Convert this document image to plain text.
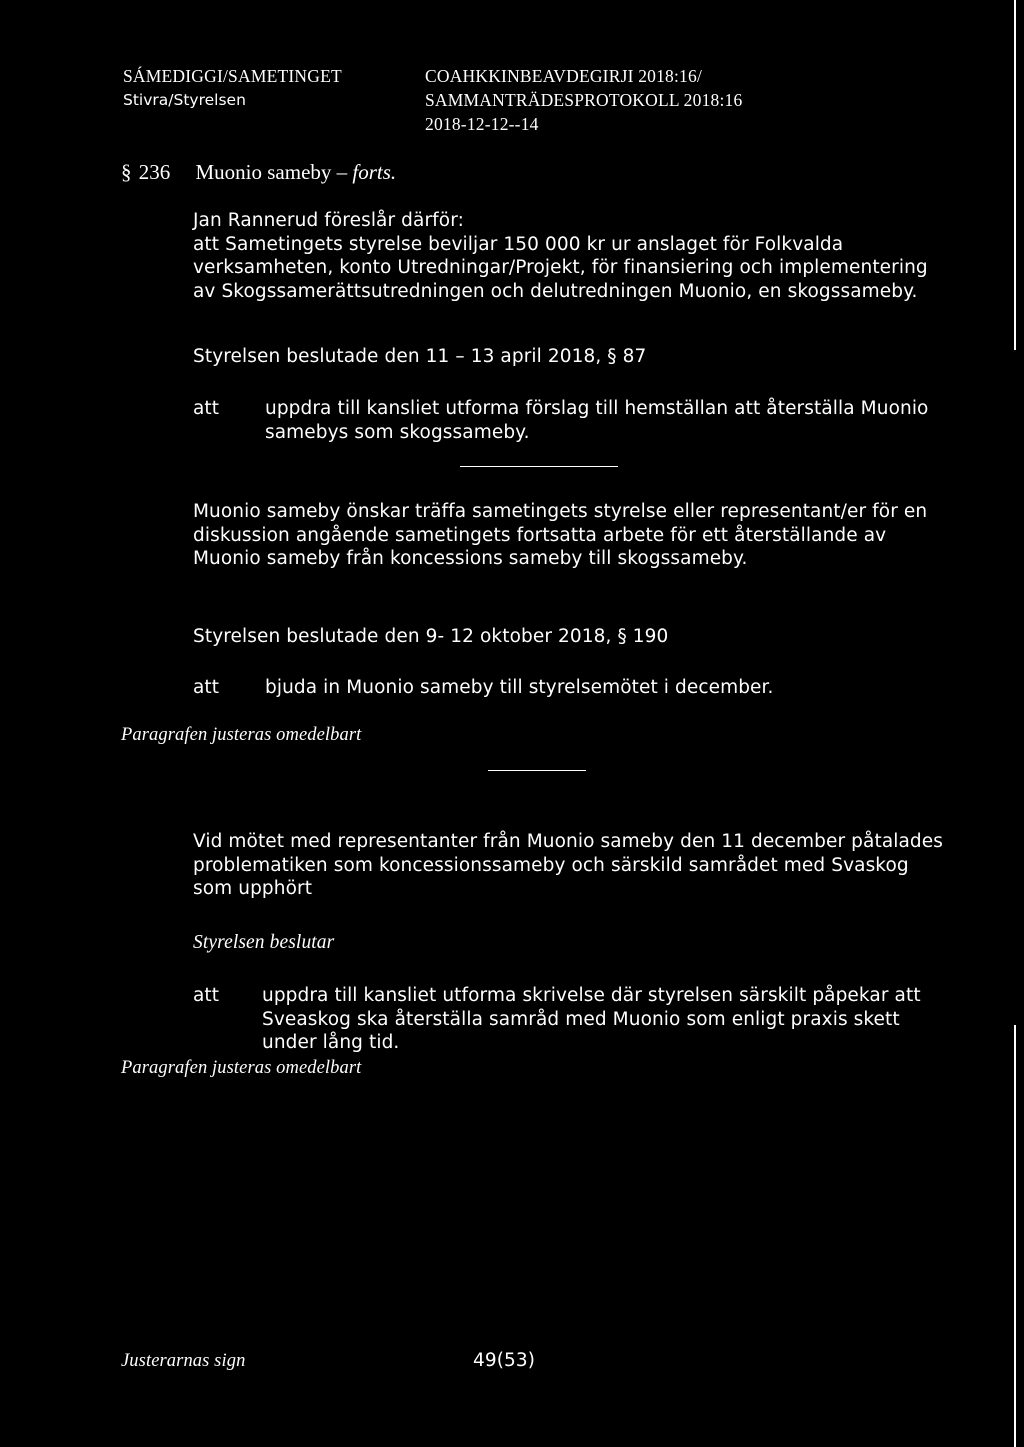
SÁMEDIGGI/SAMETINGET
Stivra/Styrelsen
COAHKKINBEAVDEGIRJI 2018:16/
SAMMANTRÄDESPROTOKOLL 2018:16
2018-12-12--14
§ 236 Muonio sameby – forts.

Jan Rannerud föreslår därför:

att Sametingets styrelse beviljar 150 000 kr ur anslaget för Folkvalda verksamheten, konto Utredningar/Projekt, för finansiering och implementering av Skogssamerättsutredningen och delutredningen Muonio, en skogssameby.

Styrelsen beslutade den 11 – 13 april 2018, § 87
att uppdra till kansliet utforma förslag till hemställan att återställa Muonio samebys som skogssameby.
Muonio sameby önskar träffa sametingets styrelse eller representant/er för en diskussion angående sametingets fortsatta arbete för ett återställande av Muonio sameby från koncessions sameby till skogssameby.
Styrelsen beslutade den 9- 12 oktober 2018, § 190
att bjuda in Muonio sameby till styrelsemötet i december.
Paragrafen justeras omedelbart
Vid mötet med representanter från Muonio sameby den 11 december påtalades problematiken som koncessionssameby och särskild samrådet med Svaskog som upphört
Styrelsen beslutar
att uppdra till kansliet utforma skrivelse där styrelsen särskilt påpekar att Sveaskog ska återställa samråd med Muonio som enligt praxis skett under lång tid.
Paragrafen justeras omedelbart
Justerarnas sign	49(53)
